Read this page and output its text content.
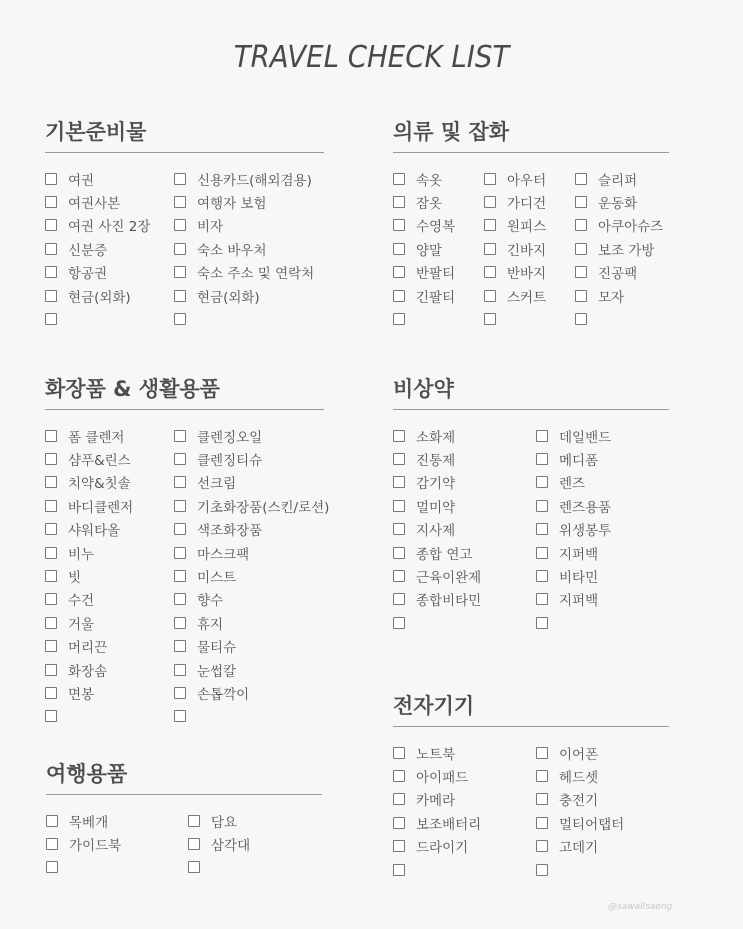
TRAVEL CHECK LIST
기본준비물
여권
여권사본
여권 사진 2장
신분증
항공권
현금(외화)
신용카드(해외겸용)
여행자 보험
비자
숙소 바우처
숙소 주소 및 연락처
현금(외화)
의류 및 잡화
속옷
잠옷
수영복
양말
반팔티
긴팔티
아우터
가디건
원피스
긴바지
반바지
스커트
슬리퍼
운동화
아쿠아슈즈
보조 가방
진공팩
모자
화장품 & 생활용품
폼 클렌저
샴푸&린스
치약&칫솔
바디클렌저
샤워타올
비누
빗
수건
거울
머리끈
화장솜
면봉
클렌징오일
클렌징티슈
선크림
기초화장품(스킨/로션)
색조화장품
마스크팩
미스트
향수
휴지
물티슈
눈썹칼
손톱깍이
비상약
소화제
진통제
감기약
멀미약
지사제
종합 연고
근육이완제
종합비타민
데일밴드
메디폼
렌즈
렌즈용품
위생봉투
지퍼백
비타민
지퍼백
여행용품
목베개
가이드북
담요
삼각대
전자기기
노트북
아이패드
카메라
보조배터리
드라이기
이어폰
헤드셋
충전기
멀티어탭터
고데기
@sawallsaeng
